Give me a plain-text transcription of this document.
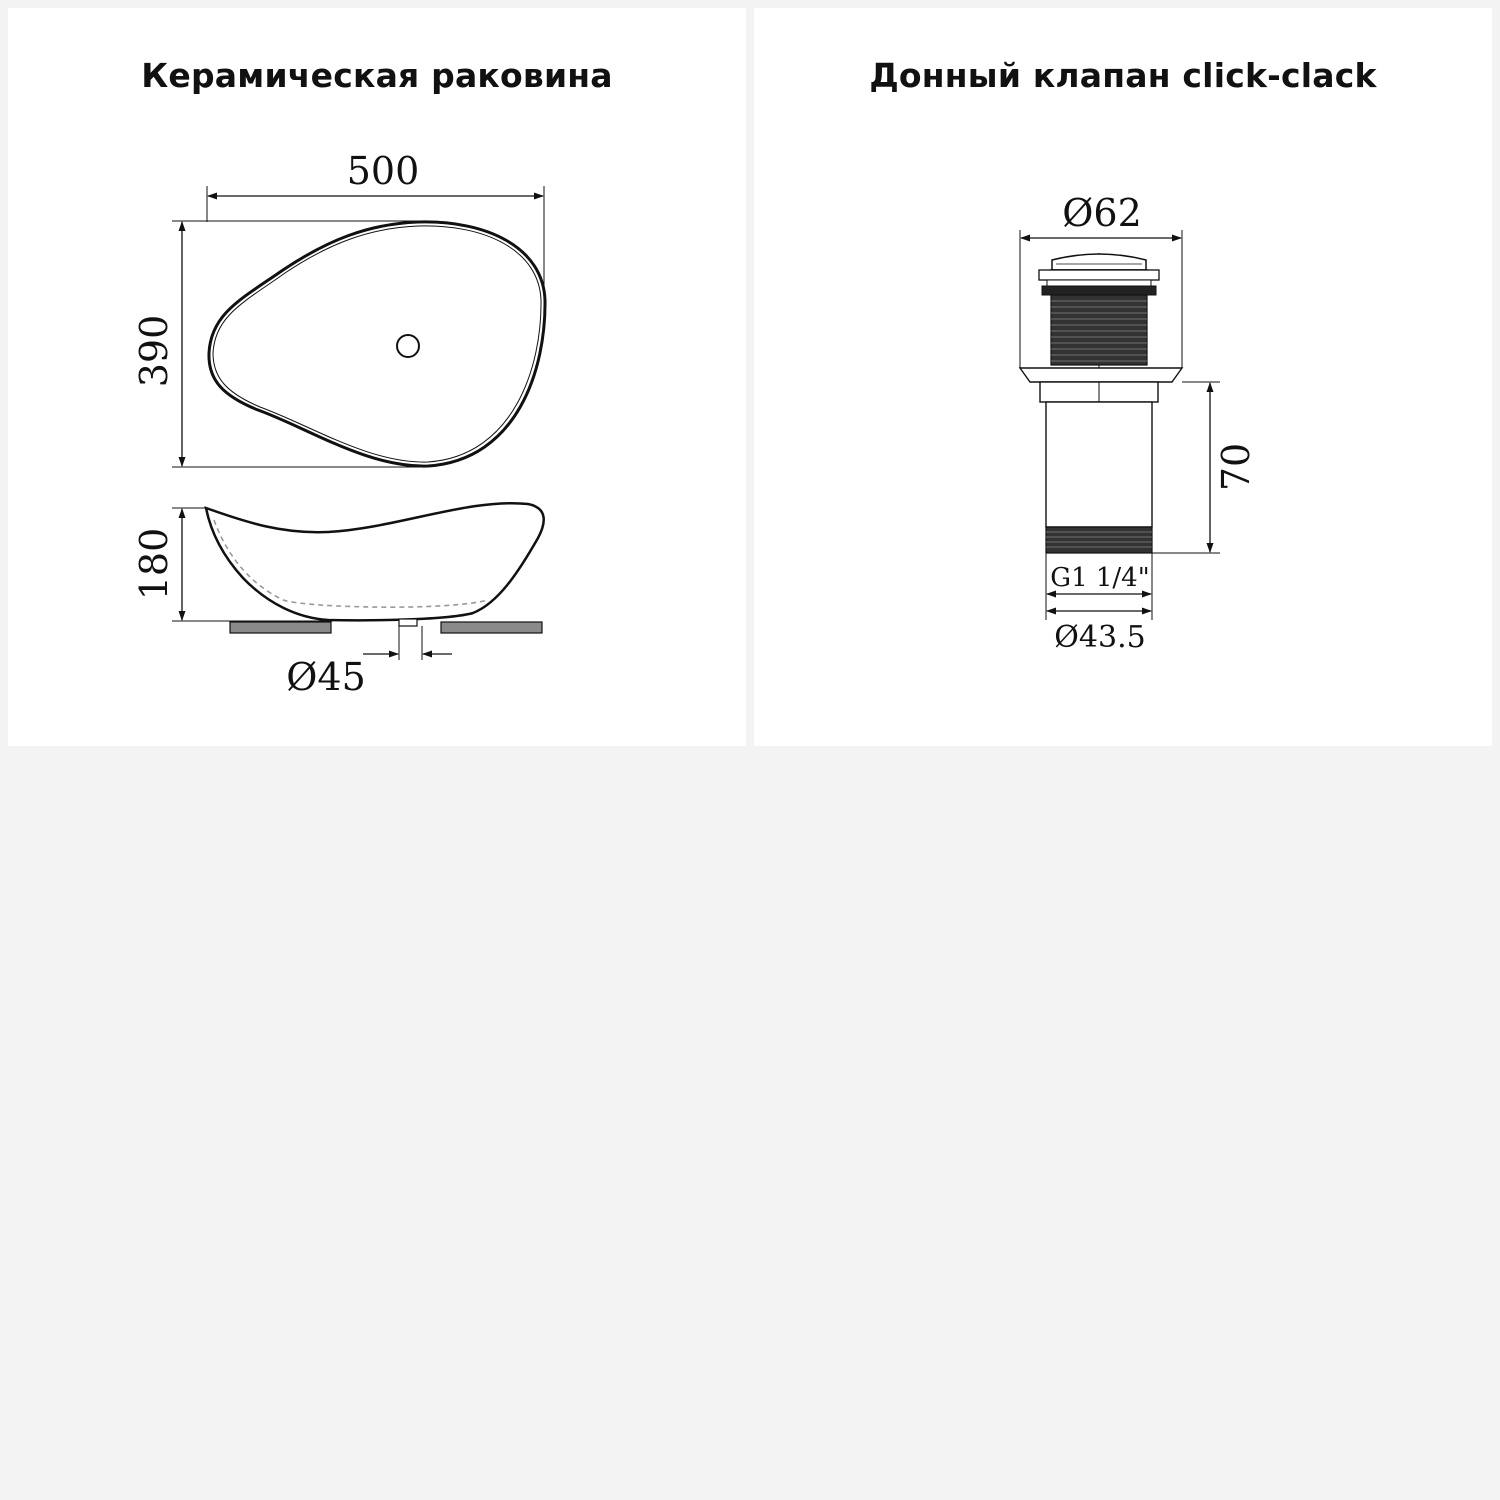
Керамическая раковина
500
390
180
Ø45
Донный клапан click-clack
Ø62
70
G1 1/4"
Ø43.5
